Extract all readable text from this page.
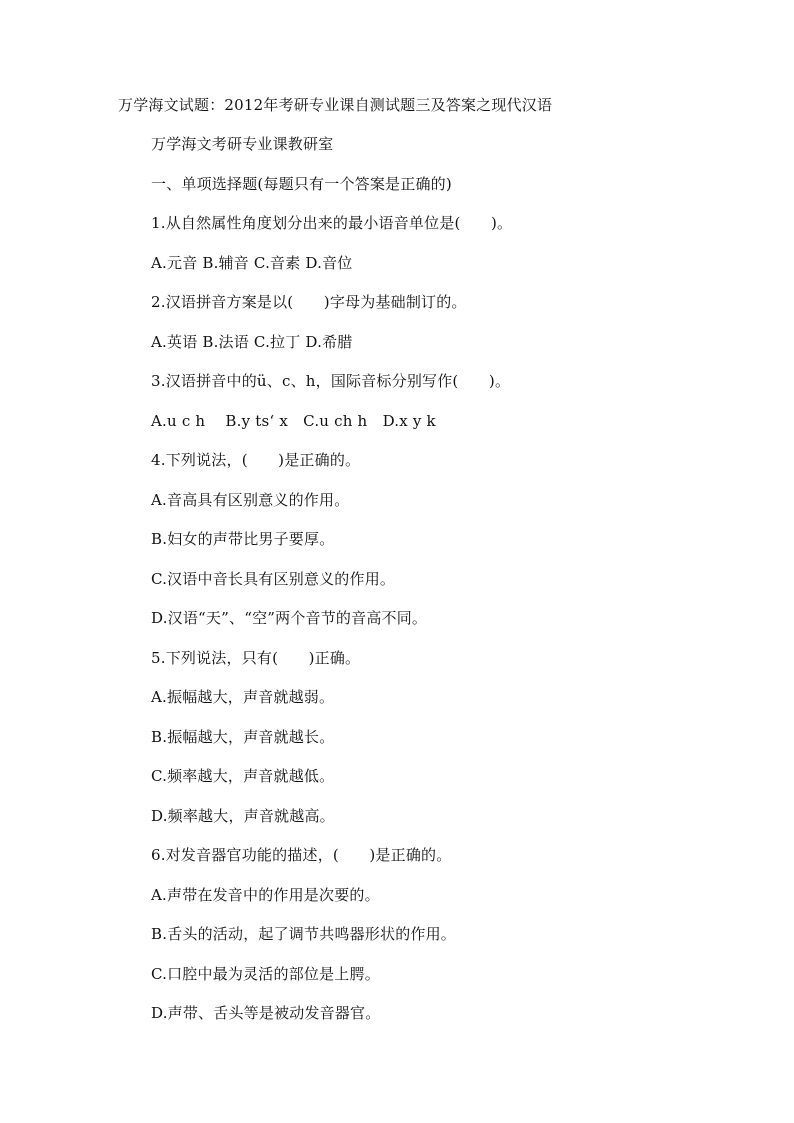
万学海文试题：2012年考研专业课自测试题三及答案之现代汉语
万学海文考研专业课教研室
一、单项选择题(每题只有一个答案是正确的)
1.从自然属性角度划分出来的最小语音单位是(　　)。
A.元音 B.辅音 C.音素 D.音位
2.汉语拼音方案是以(　　)字母为基础制订的。
A.英语 B.法语 C.拉丁 D.希腊
3.汉语拼音中的ü、c、h，国际音标分别写作(　　)。
A.u c h　 B.y ts‘ x　C.u ch h　D.x y k
4.下列说法，(　　)是正确的。
A.音高具有区别意义的作用。
B.妇女的声带比男子要厚。
C.汉语中音长具有区别意义的作用。
D.汉语“天”、“空”两个音节的音高不同。
5.下列说法，只有(　　)正确。
A.振幅越大，声音就越弱。
B.振幅越大，声音就越长。
C.频率越大，声音就越低。
D.频率越大，声音就越高。
6.对发音器官功能的描述，(　　)是正确的。
A.声带在发音中的作用是次要的。
B.舌头的活动，起了调节共鸣器形状的作用。
C.口腔中最为灵活的部位是上腭。
D.声带、舌头等是被动发音器官。
